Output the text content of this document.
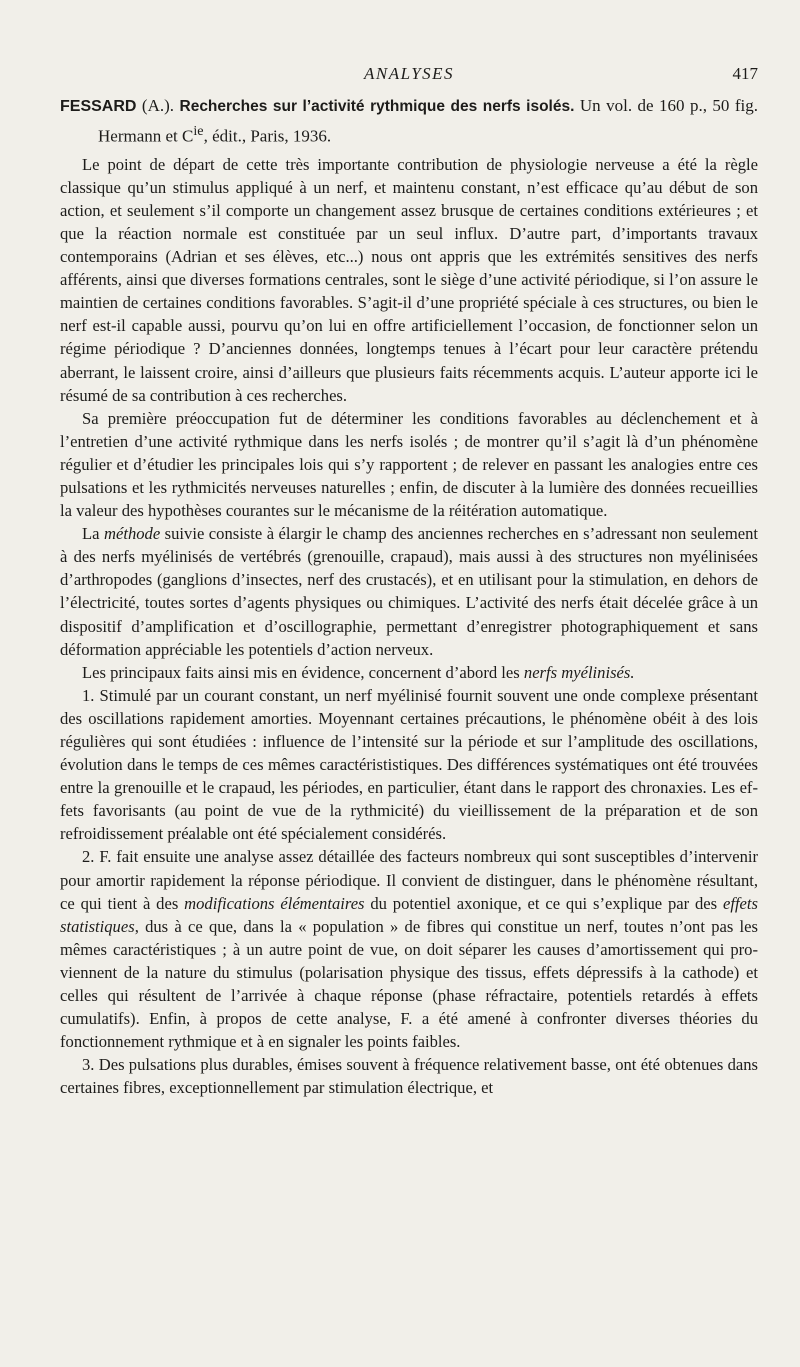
ANALYSES	417

FESSARD (A.). Recherches sur l’activité rythmique des nerfs isolés. Un vol. de 160 p., 50 fig. Hermann et $C^{ie}$, édit., Paris, 1936.

Le point de départ de cette très importante contribution de physiologie nerveuse a été la règle classique qu’un stimulus appliqué à un nerf, et maintenu constant, n’est efficace qu’au début de son action, et seulement s’il comporte un changement assez brusque de certaines conditions extérieures ; et que la réaction normale est constituée par un seul influx. D’autre part, d’importants travaux contemporains (Adrian et ses élèves, etc...) nous ont appris que les extrémités sensitives des nerfs afférents, ainsi que diverses formations centrales, sont le siège d’une activité périodique, si l’on assure le maintien de certaines conditions favorables. S’agit-il d’une propriété spéciale à ces structures, ou bien le nerf est-il capable aussi, pourvu qu’on lui en offre artificiellement l’occasion, de fonctionner selon un régime périodique ? D’anciennes données, longtemps tenues à l’écart pour leur caractère prétendu aberrant, le laissent croire, ainsi d’ailleurs que plusieurs faits récemments acquis. L’auteur apporte ici le résumé de sa contribution à ces recherches.

Sa première préoccupation fut de déterminer les conditions favorables au déclenchement et à l’entretien d’une activité rythmique dans les nerfs isolés ; de montrer qu’il s’agit là d’un phénomène régulier et d’étudier les principales lois qui s’y rapportent ; de relever en passant les analogies entre ces pulsations et les rythmicités nerveuses naturelles ; enfin, de discuter à la lumière des données recueillies la valeur des hypothèses courantes sur le mécanisme de la réitération automatique.

La méthode suivie consiste à élargir le champ des anciennes recherches en s’adressant non seulement à des nerfs myélinisés de vertébrés (grenouille, crapaud), mais aussi à des structures non myélinisées d’arthropodes (ganglions d’insectes, nerf des crustacés), et en utilisant pour la stimulation, en dehors de l’électricité, toutes sortes d’agents physiques ou chimiques. L’activité des nerfs était décelée grâce à un dispositif d’amplification et d’oscillographie, permettant d’enregistrer photographiquement et sans déformation appréciable les potentiels d’action nerveux.

Les principaux faits ainsi mis en évidence, concernent d’abord les nerfs myélinisés.

1. Stimulé par un courant constant, un nerf myélinisé fournit souvent une onde complexe présentant des oscillations rapidement amorties. Moyennant certaines précautions, le phénomène obéit à des lois régulières qui sont étudiées : influence de l’intensité sur la période et sur l’amplitude des oscillations, évolution dans le temps de ces mêmes caractérististiques. Des différences systématiques ont été trouvées entre la grenouille et le crapaud, les périodes, en particulier, étant dans le rapport des chronaxies. Les effets favorisants (au point de vue de la rythmicité) du vieillissement de la préparation et de son refroidissement préalable ont été spécialement considérés.

2. F. fait ensuite une analyse assez détaillée des facteurs nombreux qui sont susceptibles d’intervenir pour amortir rapidement la réponse périodique. Il convient de distinguer, dans le phénomène résultant, ce qui tient à des modifications élémentaires du potentiel axonique, et ce qui s’explique par des effets statistiques, dus à ce que, dans la « population » de fibres qui constitue un nerf, toutes n’ont pas les mêmes caractéristiques ; à un autre point de vue, on doit séparer les causes d’amortissement qui proviennent de la nature du stimulus (polarisation physique des tissus, effets dépressifs à la cathode) et celles qui résultent de l’arrivée à chaque réponse (phase réfractaire, potentiels retardés à effets cumulatifs). Enfin, à propos de cette analyse, F. a été amené à confronter diverses théories du fonctionnement rythmique et à en signaler les points faibles.

3. Des pulsations plus durables, émises souvent à fréquence relativement basse, ont été obtenues dans certaines fibres, exceptionnellement par stimulation électrique, et
